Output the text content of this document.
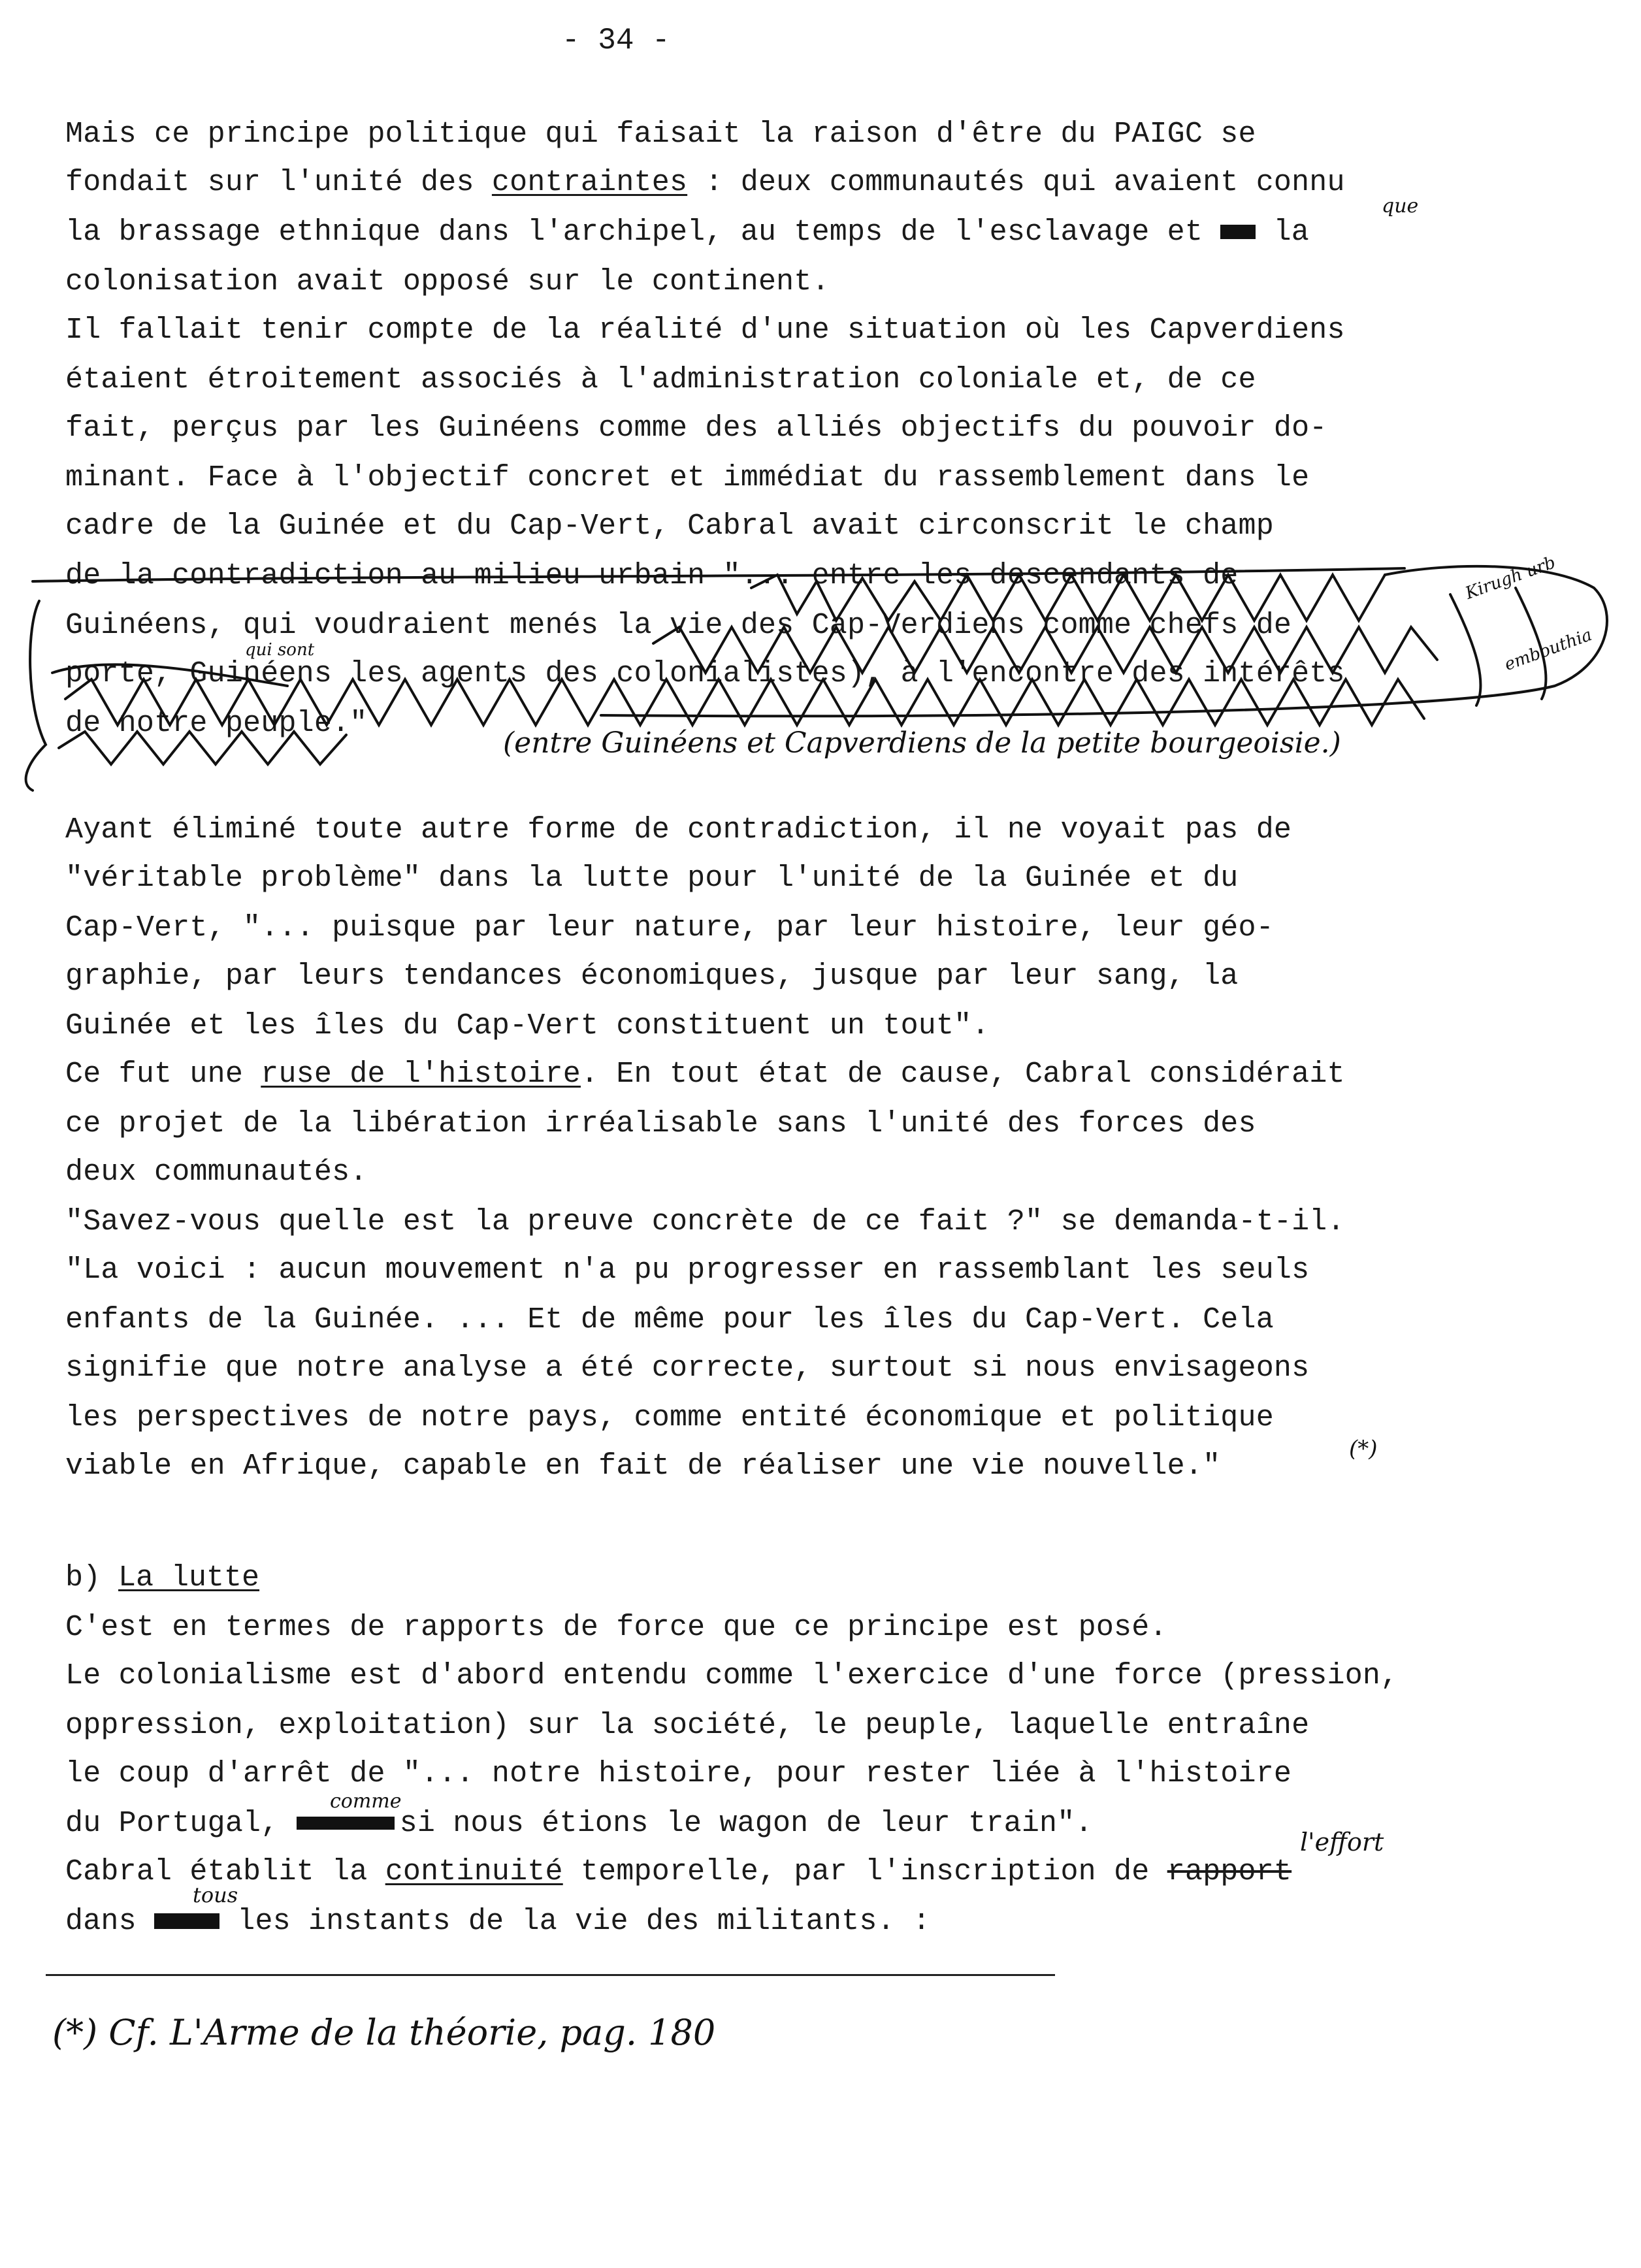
- 34 -
Mais ce principe politique qui faisait la raison d'être du PAIGC se
fondait sur l'unité des contraintes : deux communautés qui avaient connu
la brassage ethnique dans l'archipel, au temps de l'esclavage et  la
colonisation avait opposé sur le continent.
Il fallait tenir compte de la réalité d'une situation où les Capverdiens
étaient étroitement associés à l'administration coloniale et, de ce
fait, perçus par les Guinéens comme des alliés objectifs du pouvoir do-
minant. Face à l'objectif concret et immédiat du rassemblement dans le
cadre de la Guinée et du Cap-Vert, Cabral avait circonscrit le champ
de la contradiction au milieu urbain "... entre les descendants de
Guinéens, qui voudraient menés la vie des Cap-Verdiens comme chefs de
porte, Guinéens les agents des colonialistes), à l'encontre des intérêts
de notre peuple."
que
qui sont
Kirugh urb
embouthia
(entre Guinéens et Capverdiens de la petite bourgeoisie.)
Ayant éliminé toute autre forme de contradiction, il ne voyait pas de
"véritable problème" dans la lutte pour l'unité de la Guinée et du
Cap-Vert, "... puisque par leur nature, par leur histoire, leur géo-
graphie, par leurs tendances économiques, jusque par leur sang, la
Guinée et les îles du Cap-Vert constituent un tout".
Ce fut une ruse de l'histoire. En tout état de cause, Cabral considérait
ce projet de la libération irréalisable sans l'unité des forces des
deux communautés.
"Savez-vous quelle est la preuve concrète de ce fait ?" se demanda-t-il.
"La voici : aucun mouvement n'a pu progresser en rassemblant les seuls
enfants de la Guinée. ... Et de même pour les îles du Cap-Vert. Cela
signifie que notre analyse a été correcte, surtout si nous envisageons
les perspectives de notre pays, comme entité économique et politique
viable en Afrique, capable en fait de réaliser une vie nouvelle."
(*)
b) La lutte
C'est en termes de rapports de force que ce principe est posé.
Le colonialisme est d'abord entendu comme l'exercice d'une force (pression,
oppression, exploitation) sur la société, le peuple, laquelle entraîne
le coup d'arrêt de "... notre histoire, pour rester liée à l'histoire
du Portugal,	si nous étions le wagon de leur train".
Cabral établit la continuité temporelle, par l'inscription de rapport
dans  les instants de la vie des militants. :
comme
l'effort
tous
(*) Cf. L'Arme de la théorie, pag. 180
